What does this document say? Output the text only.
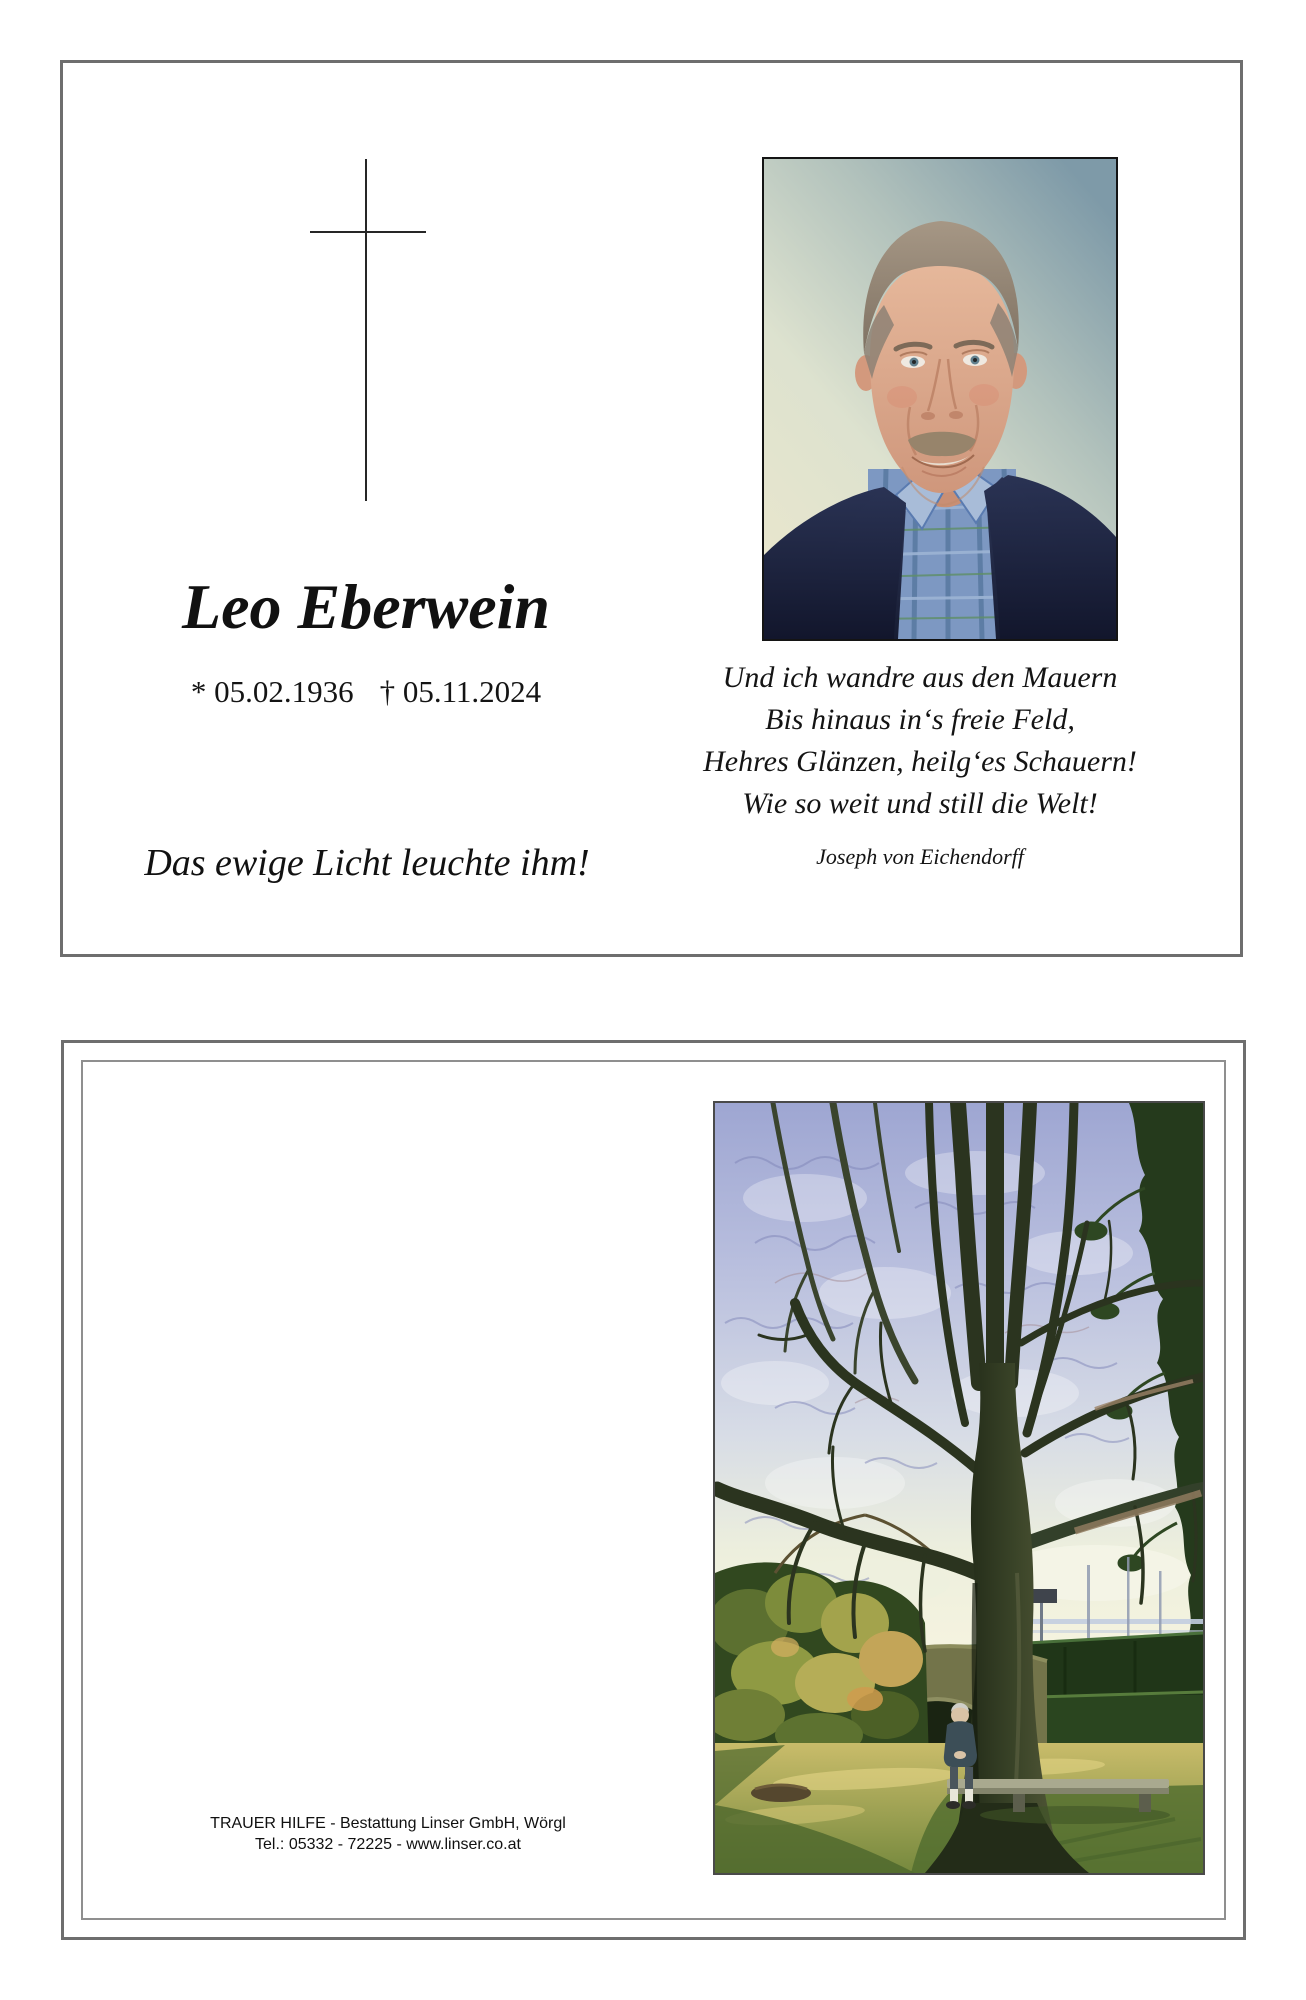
Leo Eberwein
* 05.02.1936 † 05.11.2024
Das ewige Licht leuchte ihm!
Und ich wandre aus den Mauern
Bis hinaus in‘s freie Feld,
Hehres Glänzen, heilg‘es Schauern!
Wie so weit und still die Welt!
Joseph von Eichendorff
TRAUER HILFE - Bestattung Linser GmbH, Wörgl
Tel.: 05332 - 72225 - www.linser.co.at
